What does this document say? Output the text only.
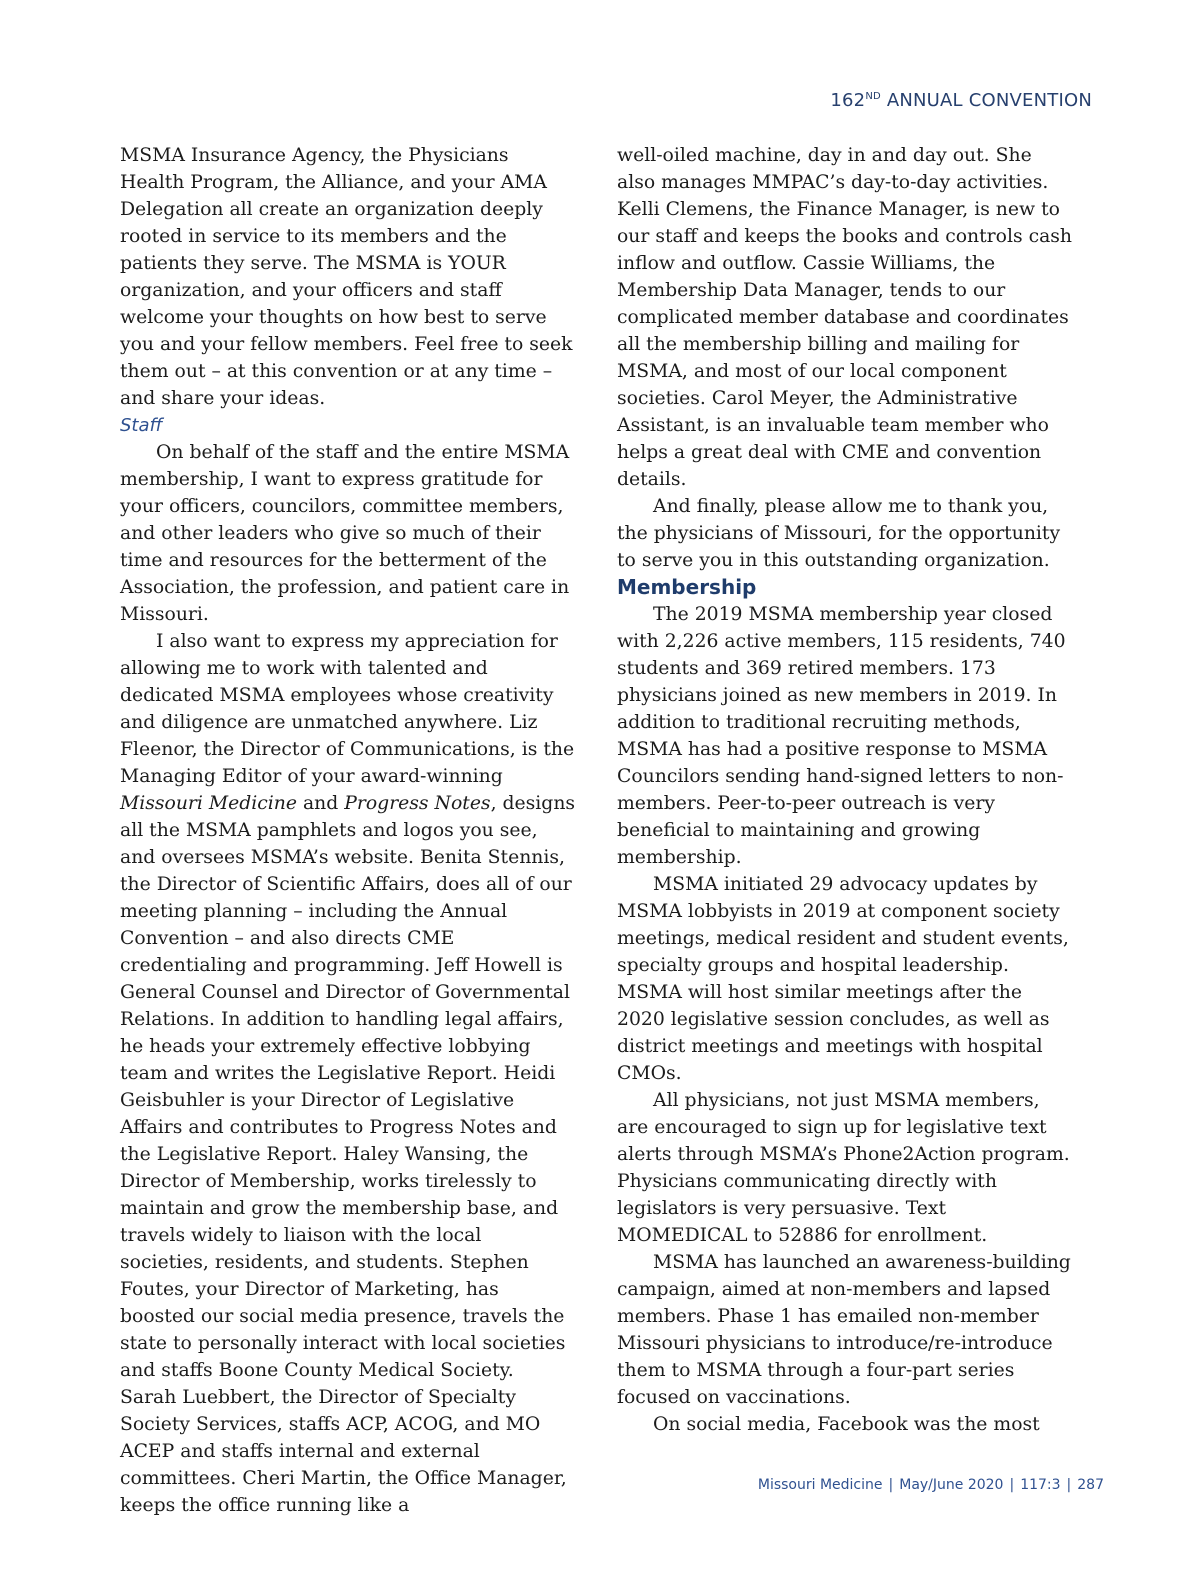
162ND ANNUAL CONVENTION

MSMA Insurance Agency, the Physicians Health Program, the Alliance, and your AMA Delegation all create an organization deeply rooted in service to its members and the patients they serve. The MSMA is YOUR organization, and your officers and staff welcome your thoughts on how best to serve you and your fellow members. Feel free to seek them out – at this convention or at any time – and share your ideas.

Staff

On behalf of the staff and the entire MSMA membership, I want to express gratitude for your officers, councilors, committee members, and other leaders who give so much of their time and resources for the betterment of the Association, the profession, and patient care in Missouri.

I also want to express my appreciation for allowing me to work with talented and dedicated MSMA employees whose creativity and diligence are unmatched anywhere. Liz Fleenor, the Director of Communications, is the Managing Editor of your award-winning Missouri Medicine and Progress Notes, designs all the MSMA pamphlets and logos you see, and oversees MSMA’s website. Benita Stennis, the Director of Scientific Affairs, does all of our meeting planning – including the Annual Convention – and also directs CME credentialing and programming. Jeff Howell is General Counsel and Director of Governmental Relations. In addition to handling legal affairs, he heads your extremely effective lobbying team and writes the Legislative Report. Heidi Geisbuhler is your Director of Legislative Affairs and contributes to Progress Notes and the Legislative Report. Haley Wansing, the Director of Membership, works tirelessly to maintain and grow the membership base, and travels widely to liaison with the local societies, residents, and students. Stephen Foutes, your Director of Marketing, has boosted our social media presence, travels the state to personally interact with local societies and staffs Boone County Medical Society. Sarah Luebbert, the Director of Specialty Society Services, staffs ACP, ACOG, and MO ACEP and staffs internal and external committees. Cheri Martin, the Office Manager, keeps the office running like a

well-oiled machine, day in and day out. She also manages MMPAC’s day-to-day activities. Kelli Clemens, the Finance Manager, is new to our staff and keeps the books and controls cash inflow and outflow. Cassie Williams, the Membership Data Manager, tends to our complicated member database and coordinates all the membership billing and mailing for MSMA, and most of our local component societies. Carol Meyer, the Administrative Assistant, is an invaluable team member who helps a great deal with CME and convention details.

And finally, please allow me to thank you, the physicians of Missouri, for the opportunity to serve you in this outstanding organization.

Membership

The 2019 MSMA membership year closed with 2,226 active members, 115 residents, 740 students and 369 retired members. 173 physicians joined as new members in 2019. In addition to traditional recruiting methods, MSMA has had a positive response to MSMA Councilors sending hand-signed letters to non-members. Peer-to-peer outreach is very beneficial to maintaining and growing membership.

MSMA initiated 29 advocacy updates by MSMA lobbyists in 2019 at component society meetings, medical resident and student events, specialty groups and hospital leadership. MSMA will host similar meetings after the 2020 legislative session concludes, as well as district meetings and meetings with hospital CMOs.

All physicians, not just MSMA members, are encouraged to sign up for legislative text alerts through MSMA’s Phone2Action program. Physicians communicating directly with legislators is very persuasive. Text MOMEDICAL to 52886 for enrollment.

MSMA has launched an awareness-building campaign, aimed at non-members and lapsed members. Phase 1 has emailed non-member Missouri physicians to introduce/re-introduce them to MSMA through a four-part series focused on vaccinations.

On social media, Facebook was the most

Missouri Medicine | May/June 2020 | 117:3 | 287
